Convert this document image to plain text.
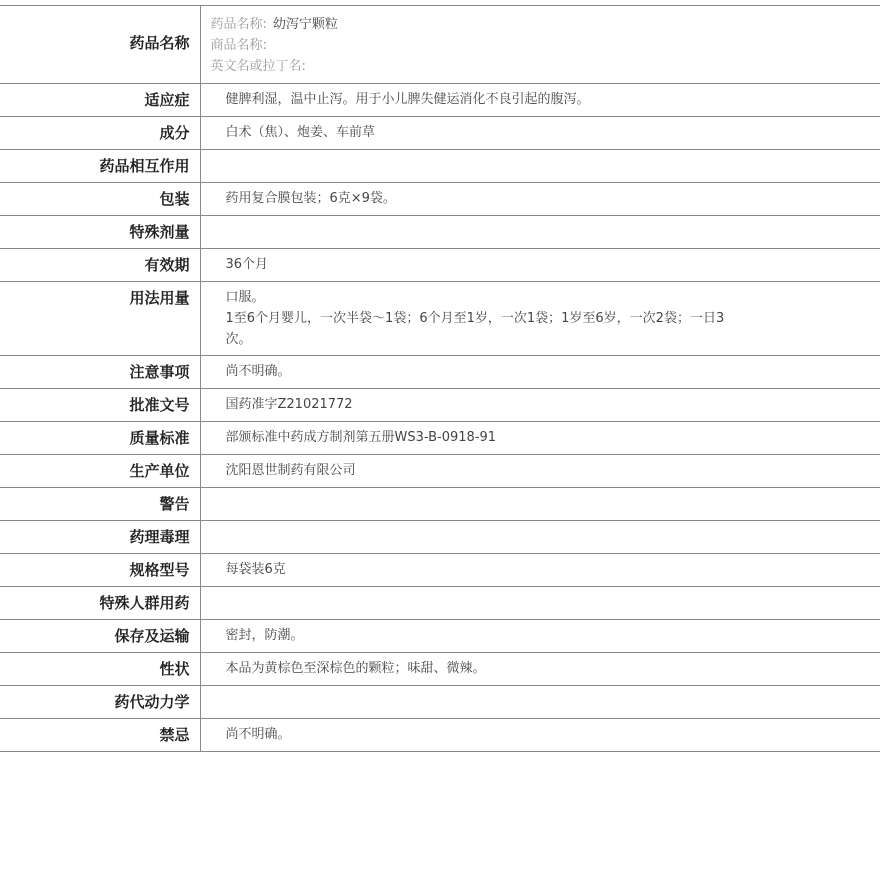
药品名称	药品名称: 幼泻宁颗粒
商品名称:
英文名或拉丁名:

适应症	健脾利湿，温中止泻。用于小儿脾失健运消化不良引起的腹泻。
成分	白术（焦）、炮姜、车前草
药品相互作用	
包装	药用复合膜包装；6克×9袋。
特殊剂量	
有效期	36个月
用法用量	口服。
1至6个月婴儿，一次半袋～1袋；6个月至1岁，一次1袋；1岁至6岁，一次2袋；一日3次。

注意事项	尚不明确。
批准文号	国药准字Z21021772
质量标准	部颁标准中药成方制剂第五册WS3-B-0918-91
生产单位	沈阳恩世制药有限公司
警告	
药理毒理	
规格型号	每袋装6克
特殊人群用药	
保存及运输	密封，防潮。
性状	本品为黄棕色至深棕色的颗粒；味甜、微辣。
药代动力学	
禁忌	尚不明确。
